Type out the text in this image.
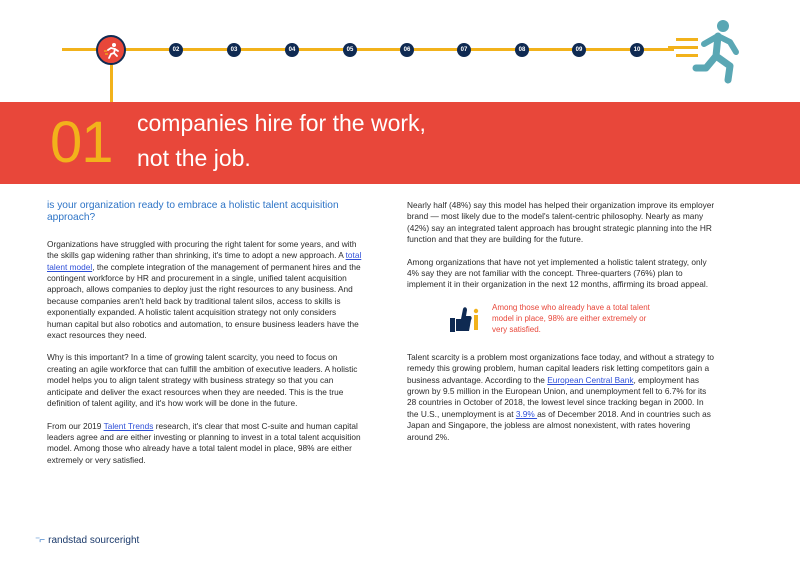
02	03	04	05	06	07	08	09	10
01 companies hire for the work,
not the job.

is your organization ready to embrace a holistic talent acquisition approach?

Organizations have struggled with procuring the right talent for some years, and with the skills gap widening rather than shrinking, it's time to adopt a new approach. A total talent model, the complete integration of the management of permanent hires and the contingent workforce by HR and procurement in a single, unified talent acquisition approach, allows companies to deploy just the right resources to any business. And because companies aren't held back by traditional talent silos, access to skills is exponentially expanded. A holistic talent acquisition strategy not only considers human capital but also robotics and automation, to ensure business leaders have the exact resources they need.

Why is this important? In a time of growing talent scarcity, you need to focus on creating an agile workforce that can fulfill the ambition of executive leaders. A holistic model helps you to align talent strategy with business strategy so that you can anticipate and deliver the exact resources when they are needed. This is the true definition of talent agility, and it's how work will be done in the future.

From our 2019 Talent Trends research, it's clear that most C-suite and human capital leaders agree and are either investing or planning to invest in a total talent acquisition model. Among those who already have a total talent model in place, 98% are either extremely or very satisfied.

Nearly half (48%) say this model has helped their organization improve its employer brand — most likely due to the model's talent-centric philosophy. Nearly as many (42%) say an integrated talent approach has brought strategic planning into the HR function and that they are building for the future.

Among organizations that have not yet implemented a holistic talent strategy, only 4% say they are not familiar with the concept. Three-quarters (76%) plan to implement it in their organization in the next 12 months, affirming its broad appeal.

Among those who already have a total talent model in place, 98% are either extremely or very satisfied.

Talent scarcity is a problem most organizations face today, and without a strategy to remedy this growing problem, human capital leaders risk letting competitors gain a business advantage. According to the European Central Bank, employment has grown by 9.5 million in the European Union, and unemployment fell to 6.7% for its 28 countries in October of 2018, the lowest level since tracking began in 2000. In the U.S., unemployment is at 3.9% as of December 2018. And in countries such as Japan and Singapore, the jobless are almost nonexistent, with rates hovering around 2%.

⁻⌐ randstad sourceright
